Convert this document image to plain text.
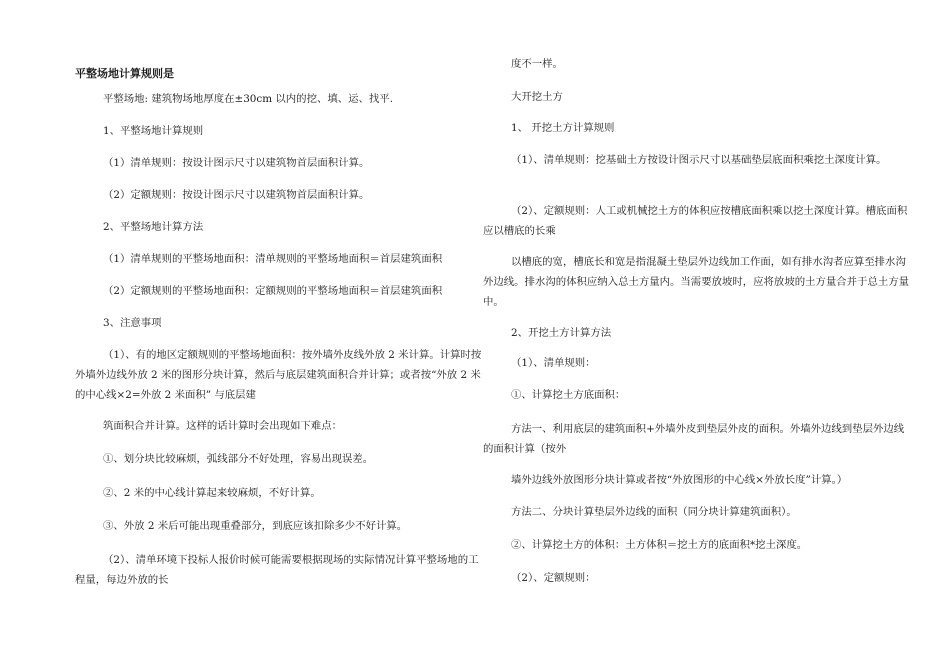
平整场地计算规则是

平整场地: 建筑物场地厚度在±30cm 以内的挖、填、运、找平.

1、平整场地计算规则

（1）清单规则：按设计图示尺寸以建筑物首层面积计算。

（2）定额规则：按设计图示尺寸以建筑物首层面积计算。

2、平整场地计算方法

（1）清单规则的平整场地面积：清单规则的平整场地面积＝首层建筑面积

（2）定额规则的平整场地面积：定额规则的平整场地面积＝首层建筑面积

3、注意事项

（1）、有的地区定额规则的平整场地面积：按外墙外皮线外放 2 米计算。计算时按外墙外边线外放 2 米的图形分块计算，然后与底层建筑面积合并计算；或者按“外放 2 米的中心线×2=外放 2 米面积” 与底层建

筑面积合并计算。这样的话计算时会出现如下难点：

①、划分块比较麻烦，弧线部分不好处理，容易出现误差。

②、2 米的中心线计算起来较麻烦，不好计算。

③、外放 2 米后可能出现重叠部分，到底应该扣除多少不好计算。

（2）、清单环境下投标人报价时候可能需要根据现场的实际情况计算平整场地的工程量，每边外放的长

度不一样。

大开挖土方

1、 开挖土方计算规则

（1）、清单规则：挖基础土方按设计图示尺寸以基础垫层底面积乘挖土深度计算。

（2）、定额规则：人工或机械挖土方的体积应按槽底面积乘以挖土深度计算。槽底面积应以槽底的长乘

以槽底的宽，槽底长和宽是指混凝土垫层外边线加工作面，如有排水沟者应算至排水沟外边线。排水沟的体积应纳入总土方量内。当需要放坡时，应将放坡的土方量合并于总土方量中。

2、开挖土方计算方法

（1）、清单规则：

①、计算挖土方底面积：

方法一、利用底层的建筑面积+外墙外皮到垫层外皮的面积。外墙外边线到垫层外边线的面积计算（按外

墙外边线外放图形分块计算或者按“外放图形的中心线×外放长度”计算。）

方法二、分块计算垫层外边线的面积（同分块计算建筑面积）。

②、计算挖土方的体积：土方体积＝挖土方的底面积*挖土深度。

（2）、定额规则：
